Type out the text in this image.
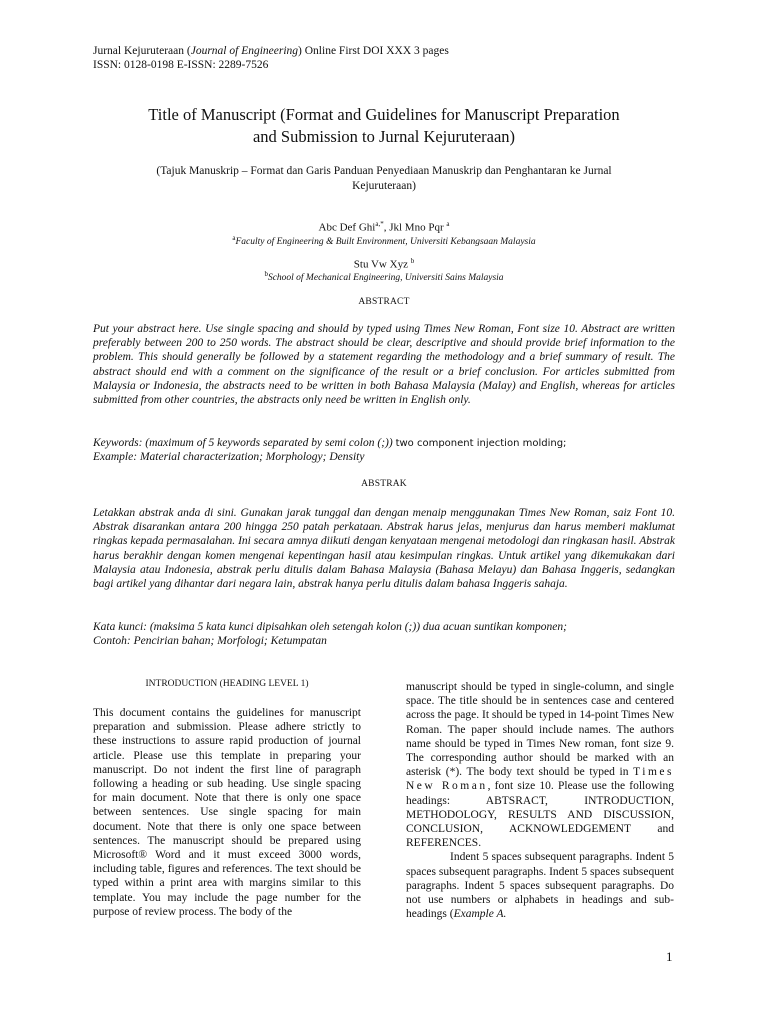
Jurnal Kejuruteraan (Journal of Engineering) Online First DOI XXX 3 pages
ISSN: 0128-0198 E-ISSN: 2289-7526
Title of Manuscript (Format and Guidelines for Manuscript Preparation
and Submission to Jurnal Kejuruteraan)
(Tajuk Manuskrip – Format dan Garis Panduan Penyediaan Manuskrip dan Penghantaran ke Jurnal
Kejuruteraan)
Abc Def Ghi$^{a,*}$, Jkl Mno Pqr $^a$
$^a$Faculty of Engineering & Built Environment, Universiti Kebangsaan Malaysia
Stu Vw Xyz $^b$
$^b$School of Mechanical Engineering, Universiti Sains Malaysia
ABSTRACT
Put your abstract here. Use single spacing and should by typed using Times New Roman, Font size 10. Abstract are written preferably between 200 to 250 words. The abstract should be clear, descriptive and should provide brief information to the problem. This should generally be followed by a statement regarding the methodology and a brief summary of result. The abstract should end with a comment on the significance of the result or a brief conclusion. For articles submitted from Malaysia or Indonesia, the abstracts need to be written in both Bahasa Malaysia (Malay) and English, whereas for articles submitted from other countries, the abstracts only need be written in English only.
Keywords: (maximum of 5 keywords separated by semi colon (;)) two component injection molding;
Example: Material characterization; Morphology; Density
ABSTRAK
Letakkan abstrak anda di sini. Gunakan jarak tunggal dan dengan menaip menggunakan Times New Roman, saiz Font 10. Abstrak disarankan antara 200 hingga 250 patah perkataan. Abstrak harus jelas, menjurus dan harus memberi maklumat ringkas kepada permasalahan. Ini secara amnya diikuti dengan kenyataan mengenai metodologi dan ringkasan hasil. Abstrak harus berakhir dengan komen mengenai kepentingan hasil atau kesimpulan ringkas. Untuk artikel yang dikemukakan dari Malaysia atau Indonesia, abstrak perlu ditulis dalam Bahasa Malaysia (Bahasa Melayu) dan Bahasa Inggeris, sedangkan bagi artikel yang dihantar dari negara lain, abstrak hanya perlu ditulis dalam bahasa Inggeris sahaja.
Kata kunci: (maksima 5 kata kunci dipisahkan oleh setengah kolon (;)) dua acuan suntikan komponen;
Contoh: Pencirian bahan; Morfologi; Ketumpatan
INTRODUCTION (HEADING LEVEL 1)
This document contains the guidelines for manuscript preparation and submission. Please adhere strictly to these instructions to assure rapid production of journal article. Please use this template in preparing your manuscript. Do not indent the first line of paragraph following a heading or sub heading. Use single spacing for main document. Note that there is only one space between sentences. Use single spacing for main document. Note that there is only one space between sentences. The manuscript should be prepared using Microsoft® Word and it must exceed 3000 words, including table, figures and references. The text should be typed within a print area with margins similar to this template. You may include the page number for the purpose of review process. The body of the
manuscript should be typed in single-column, and single space. The title should be in sentences case and centered across the page. It should be typed in 14-point Times New Roman. The paper should include names. The authors name should be typed in Times New roman, font size 9. The corresponding author should be marked with an asterisk (*). The body text should be typed in Times New Roman, font size 10. Please use the following headings: ABTSRACT, INTRODUCTION, METHODOLOGY, RESULTS AND DISCUSSION, CONCLUSION, ACKNOWLEDGEMENT and REFERENCES.
Indent 5 spaces subsequent paragraphs. Indent 5 spaces subsequent paragraphs. Indent 5 spaces subsequent paragraphs. Indent 5 spaces subsequent paragraphs. Do not use numbers or alphabets in headings and sub-headings (Example A.
1
